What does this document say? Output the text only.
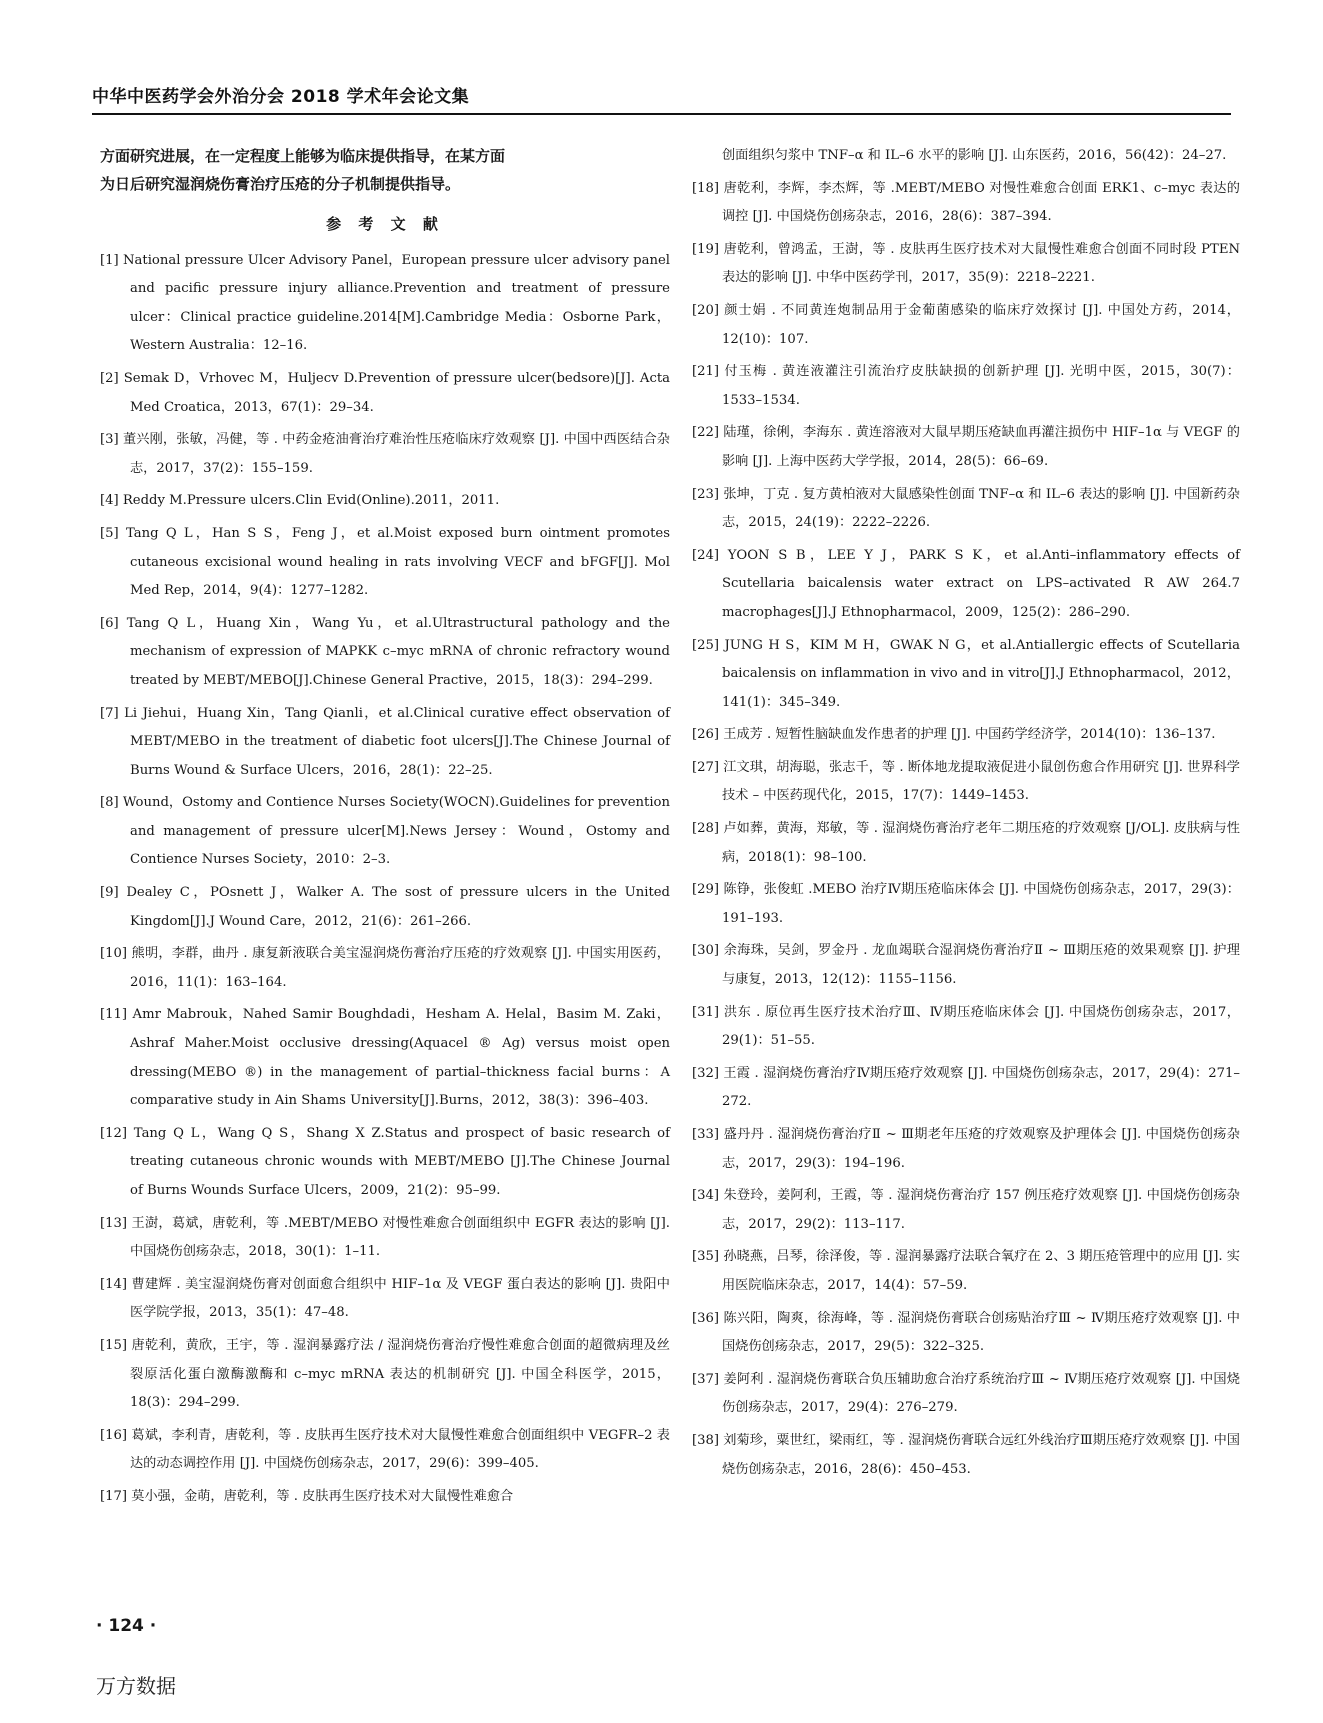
中华中医药学会外治分会 2018 学术年会论文集
方面研究进展，在一定程度上能够为临床提供指导，在某方面
为日后研究湿润烧伤膏治疗压疮的分子机制提供指导。
参 考 文 献

[1] National pressure Ulcer Advisory Panel，European pressure ulcer advisory panel and pacific pressure injury alliance.Prevention and treatment of pressure ulcer：Clinical practice guideline.2014[M].Cambridge Media：Osborne Park，Western Australia：12–16.

[2] Semak D，Vrhovec M，Huljecv D.Prevention of pressure ulcer(bedsore)[J]. Acta Med Croatica，2013，67(1)：29–34.

[3] 董兴刚，张敏，冯健，等 . 中药金疮油膏治疗难治性压疮临床疗效观察 [J]. 中国中西医结合杂志，2017，37(2)：155–159.

[4] Reddy M.Pressure ulcers.Clin Evid(Online).2011，2011.

[5] Tang Q L，Han S S，Feng J，et al.Moist exposed burn ointment promotes cutaneous excisional wound healing in rats involving VECF and bFGF[J]. Mol Med Rep，2014，9(4)：1277–1282.

[6] Tang Q L，Huang Xin，Wang Yu，et al.Ultrastructural pathology and the mechanism of expression of MAPKK c–myc mRNA of chronic refractory wound treated by MEBT/MEBO[J].Chinese General Practive，2015，18(3)：294–299.

[7] Li Jiehui，Huang Xin，Tang Qianli，et al.Clinical curative effect observation of MEBT/MEBO in the treatment of diabetic foot ulcers[J].The Chinese Journal of Burns Wound & Surface Ulcers，2016，28(1)：22–25.

[8] Wound，Ostomy and Contience Nurses Society(WOCN).Guidelines for prevention and management of pressure ulcer[M].News Jersey：Wound，Ostomy and Contience Nurses Society，2010：2–3.

[9] Dealey C，POsnett J，Walker A. The sost of pressure ulcers in the United Kingdom[J].J Wound Care，2012，21(6)：261–266.

[10] 熊明，李群，曲丹 . 康复新液联合美宝湿润烧伤膏治疗压疮的疗效观察 [J]. 中国实用医药，2016，11(1)：163–164.

[11] Amr Mabrouk，Nahed Samir Boughdadi，Hesham A. Helal，Basim M. Zaki，Ashraf Maher.Moist occlusive dressing(Aquacel ® Ag) versus moist open dressing(MEBO ®) in the management of partial–thickness facial burns：A comparative study in Ain Shams University[J].Burns，2012，38(3)：396–403.

[12] Tang Q L，Wang Q S，Shang X Z.Status and prospect of basic research of treating cutaneous chronic wounds with MEBT/MEBO [J].The Chinese Journal of Burns Wounds Surface Ulcers，2009，21(2)：95–99.

[13] 王澍，葛斌，唐乾利，等 .MEBT/MEBO 对慢性难愈合创面组织中 EGFR 表达的影响 [J]. 中国烧伤创疡杂志，2018，30(1)：1–11.

[14] 曹建辉 . 美宝湿润烧伤膏对创面愈合组织中 HIF–1α 及 VEGF 蛋白表达的影响 [J]. 贵阳中医学院学报，2013，35(1)：47–48.

[15] 唐乾利，黄欣，王宇，等 . 湿润暴露疗法 / 湿润烧伤膏治疗慢性难愈合创面的超微病理及丝裂原活化蛋白激酶激酶和 c–myc mRNA 表达的机制研究 [J]. 中国全科医学，2015，18(3)：294–299.

[16] 葛斌，李利青，唐乾利，等 . 皮肤再生医疗技术对大鼠慢性难愈合创面组织中 VEGFR–2 表达的动态调控作用 [J]. 中国烧伤创疡杂志，2017，29(6)：399–405.

[17] 莫小强，金萌，唐乾利，等 . 皮肤再生医疗技术对大鼠慢性难愈合

创面组织匀浆中 TNF–α 和 IL–6 水平的影响 [J]. 山东医药，2016，56(42)：24–27.

[18] 唐乾利，李辉，李杰辉，等 .MEBT/MEBO 对慢性难愈合创面 ERK1、c–myc 表达的调控 [J]. 中国烧伤创疡杂志，2016，28(6)：387–394.

[19] 唐乾利，曾鸿孟，王澍，等 . 皮肤再生医疗技术对大鼠慢性难愈合创面不同时段 PTEN 表达的影响 [J]. 中华中医药学刊，2017，35(9)：2218–2221.

[20] 颜士娟 . 不同黄连炮制品用于金葡菌感染的临床疗效探讨 [J]. 中国处方药，2014，12(10)：107.

[21] 付玉梅 . 黄连液灌注引流治疗皮肤缺损的创新护理 [J]. 光明中医，2015，30(7)：1533–1534.

[22] 陆瑾，徐俐，李海东 . 黄连溶液对大鼠早期压疮缺血再灌注损伤中 HIF–1α 与 VEGF 的影响 [J]. 上海中医药大学学报，2014，28(5)：66–69.

[23] 张坤，丁克 . 复方黄柏液对大鼠感染性创面 TNF–α 和 IL–6 表达的影响 [J]. 中国新药杂志，2015，24(19)：2222–2226.

[24] YOON S B，LEE Y J，PARK S K，et al.Anti–inflammatory effects of Scutellaria baicalensis water extract on LPS–activated R AW 264.7 macrophages[J].J Ethnopharmacol，2009，125(2)：286–290.

[25] JUNG H S，KIM M H，GWAK N G，et al.Antiallergic effects of Scutellaria baicalensis on inflammation in vivo and in vitro[J].J Ethnopharmacol，2012，141(1)：345–349.

[26] 王成芳 . 短暂性脑缺血发作患者的护理 [J]. 中国药学经济学，2014(10)：136–137.

[27] 江文琪，胡海聪，张志千，等 . 断体地龙提取液促进小鼠创伤愈合作用研究 [J]. 世界科学技术 – 中医药现代化，2015，17(7)：1449–1453.

[28] 卢如葬，黄海，郑敏，等 . 湿润烧伤膏治疗老年二期压疮的疗效观察 [J/OL]. 皮肤病与性病，2018(1)：98–100.

[29] 陈铮，张俊虹 .MEBO 治疗Ⅳ期压疮临床体会 [J]. 中国烧伤创疡杂志，2017，29(3)：191–193.

[30] 余海珠，吴剑，罗金丹 . 龙血竭联合湿润烧伤膏治疗Ⅱ ~ Ⅲ期压疮的效果观察 [J]. 护理与康复，2013，12(12)：1155–1156.

[31] 洪东 . 原位再生医疗技术治疗Ⅲ、Ⅳ期压疮临床体会 [J]. 中国烧伤创疡杂志，2017，29(1)：51–55.

[32] 王霞 . 湿润烧伤膏治疗Ⅳ期压疮疗效观察 [J]. 中国烧伤创疡杂志，2017，29(4)：271–272.

[33] 盛丹丹 . 湿润烧伤膏治疗Ⅱ ~ Ⅲ期老年压疮的疗效观察及护理体会 [J]. 中国烧伤创疡杂志，2017，29(3)：194–196.

[34] 朱登玲，姜阿利，王霞，等 . 湿润烧伤膏治疗 157 例压疮疗效观察 [J]. 中国烧伤创疡杂志，2017，29(2)：113–117.

[35] 孙晓燕，吕琴，徐泽俊，等 . 湿润暴露疗法联合氧疗在 2、3 期压疮管理中的应用 [J]. 实用医院临床杂志，2017，14(4)：57–59.

[36] 陈兴阳，陶爽，徐海峰，等 . 湿润烧伤膏联合创疡贴治疗Ⅲ ~ Ⅳ期压疮疗效观察 [J]. 中国烧伤创疡杂志，2017，29(5)：322–325.

[37] 姜阿利 . 湿润烧伤膏联合负压辅助愈合治疗系统治疗Ⅲ ~ Ⅳ期压疮疗效观察 [J]. 中国烧伤创疡杂志，2017，29(4)：276–279.

[38] 刘菊珍，粟世红，梁雨红，等 . 湿润烧伤膏联合远红外线治疗Ⅲ期压疮疗效观察 [J]. 中国烧伤创疡杂志，2016，28(6)：450–453.

· 124 ·
万方数据
